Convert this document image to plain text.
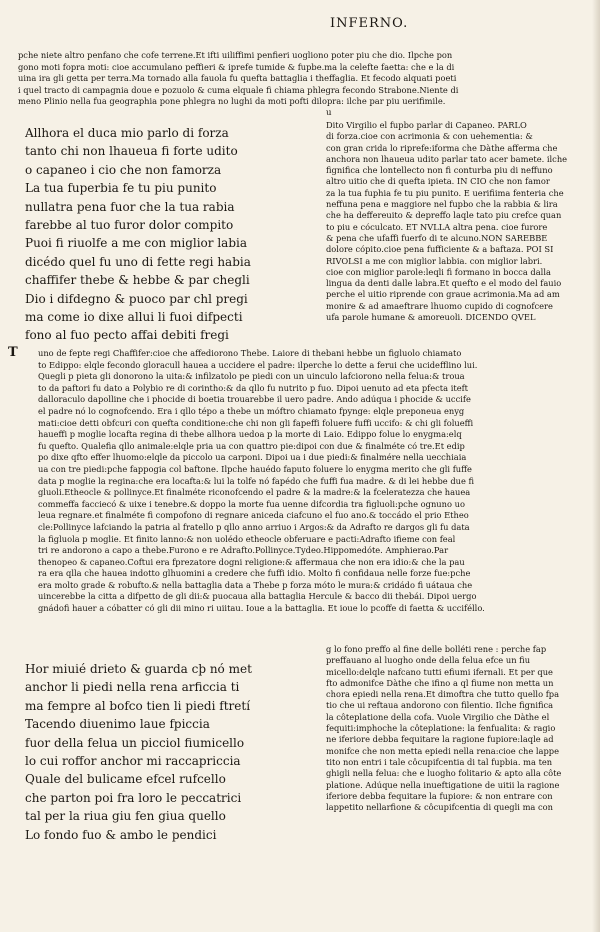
INFERNO.
pche niete altro penfano che cofe terrene.Et ifti uiliffimi penfieri uogliono poter piu che dio. Ilpche pon
gono moti fopra moti: cioe accumulano peffieri & iprefe tumide & fupbe.ma la celefte faetta: che e la di
uina ira gli getta per terra.Ma tornado alla fauola fu quefta battaglia i theffaglia. Et fecodo alquati poeti
i quel tracto di campagnia doue e pozuolo & cuma elquale fi chiama phlegra fecondo Strabone.Niente di
meno Plinio nella fua geographia pone phlegra no lughi da moti pofti dilopra: ilche par piu uerifimile.
u
Allhora el duca mio parlo di forza
tanto chi non lhaueua fi forte udito
o capaneo i cio che non famorza
La tua fuperbia fe tu piu punito
nullatra pena fuor che la tua rabia
farebbe al tuo furor dolor compito
Puoi fi riuolfe a me con miglior labia
dicédo quel fu uno di fette regi habia
chaffifer thebe & hebbe & par chegli
Dio i difdegno & puoco par chl pregi
ma come io dixe allui li fuoi difpecti
fono al fuo pecto affai debiti fregi
Dito Virgilio el fupbo parlar di Capaneo. PARLO
di forza.cioe con acrimonia & con uehementia: &
con gran crida lo riprefe:iforma che Dàthe afferma che
anchora non lhaueua udito parlar tato acer bamete. ilche
fignifica che lontellecto non fi conturba piu di neffuno
altro uitio che di quefta ipieta. IN CIO che non famor
za la tua fuphia fe tu piu punito. E uerifiima fenteria che
neffuna pena e maggiore nel fupbo che la rabbia & lira
che ha deffereuito & depreffo laqle tato piu crefce quan
to piu e cóculcato. ET NVLLA altra pena. cioe furore
& pena che ufaffi fuerfo di te alcuno.NON SAREBBE
dolore cópito.cioe pena fufficiente & a baftaza. POI SI
RIVOLSI a me con miglior labbia. con miglior labri.
cioe con miglior parole:leqli fi formano in bocca dalla
lingua da denti dalle labra.Et quefto e el modo del fauio
perche el uitio riprende con graue acrimonia.Ma ad am
monire & ad amaeftrare lhuomo cupido di cognofcere
ufa parole humane & amoreuoli. DICENDO QVEL
T uno de fepte regi Chaffifer:cioe che affediorono Thebe. Laiore di thebani hebbe un figluolo chiamato
to Edippo: elqle fecondo gloracull hauea a uccidere el padre: ilperche lo dette a ferui che ucidefflino lui.
Quegli p pieta gli donorono la uita:& infilzatolo pe piedi con un uinculo lafciorono nella felua:& troua
to da paftori fu dato a Polybio re di corintho:& da qllo fu nutrito p fuo. Dipoi uenuto ad eta pfecta iteft
dalloraculo dapolline che i phocide di boetia trouarebbe il uero padre. Ando adúqua i phocide & uccife
el padre nó lo cognofcendo. Era i qllo tépo a thebe un móftro chiamato fpynge: elqle preponeua enyg
mati:cioe detti obfcuri con quefta conditione:che chi non gli fapeffi foluere fuffi uccifo: & chi gli folueffi
haueffi p moglie locafta regina di thebe allhora uedoa p la morte di Laio. Edippo folue lo enygma:elq
fu quefto. Qualefia qllo animale:elqle pria ua con quattro pie:dipoi con due & finalméte có tre.Et edip
po dixe qfto effer lhuomo:elqle da piccolo ua carponi. Dipoi ua i due piedi:& finalmére nella uecchiaia
ua con tre piedi:pche fappogia col baftone. Ilpche hauédo faputo foluere lo enygma merito che gli fuffe
data p moglie la regina:che era locafta:& lui la tolfe nó fapédo che fuffi fua madre. & di lei hebbe due fi
gluoli.Etheocle & pollinyce.Et finalméte riconofcendo el padre & la madre:& la fceleratezza che hauea
commeffa facciecó & uixe i tenebre.& doppo la morte fua uenne difcordia tra figluoli:pche ognuno uo
leua regnare.et finalméte fi compofono di regnare aniceda ciafcuno el fuo ano.& toccádo el prio Etheo
cle:Pollinyce lafciando la patria al fratello p qllo anno arriuo i Argos:& da Adrafto re dargos gli fu data
la figluola p moglie. Et finito lanno:& non uolédo etheocle obferuare e pacti:Adrafto ifieme con feal
tri re andorono a capo a thebe.Furono e re Adrafto.Pollinyce.Tydeo.Hippomedóte. Amphierao.Par
thenopeo & capaneo.Coftui era fprezatore dogni religione:& affermaua che non era idio:& che la pau
ra era qlla che hauea indotto glhuomini a credere che fuffi idio. Molto fi confidaua nelle forze fue:pche
era molto grade & robufto.& nella battaglia data a Thebe p forza móto le mura:& cridádo fi uátaua che
uincerebbe la citta a difpetto de gli dii:& puocaua alla battaglia Hercule & bacco dii thebái. Dipoi uergo
gnádofi hauer a cóbatter có gli dii mino ri uiitau. Ioue a la battaglia. Et ioue lo pcoffe di faetta & ucciféllo.
g lo fono preffo al fine delle bolléti rene : perche fap
preffauano al luogho onde della felua efce un fiu
micello:delqle nafcano tutti efiumi ifernali. Et per que
fto admonifce Dàthe che ifino a ql fiume non metta un
chora epiedi nella rena.Et dimoftra che tutto quello fpa
tio che ui reftaua andorono con filentio. Ilche fignifica
la côteplatione della cofa. Vuole Virgilio che Dàthe el
fequiti:imphoche la côteplatione: la fenfualita: & ragio
ne iferiore debba fequitare la ragione fupiore:laqle ad
monifce che non metta epiedi nella rena:cioe che lappe
tito non entri i tale côcupifcentia di tal fupbia. ma ten
ghigli nella felua: che e luogho folitario & apto alla côte
platione. Adúque nella inueftigatione de uitii la ragione
iferiore debba fequitare la fupiore: & non entrare con
lappetito nellarfione & côcupifcentia di quegli ma con
Hor miuié drieto & guarda cþ nó met
anchor li piedi nella rena arficcia ti
ma fempre al bofco tien li piedi ftretí
Tacendo diuenimo laue fpiccia
fuor della felua un picciol fiumicello
lo cui roffor anchor mi raccapriccia
Quale del bulicame efcel rufcello
che parton poi fra loro le peccatrici
tal per la riua giu fen giua quello
Lo fondo fuo & ambo le pendici
